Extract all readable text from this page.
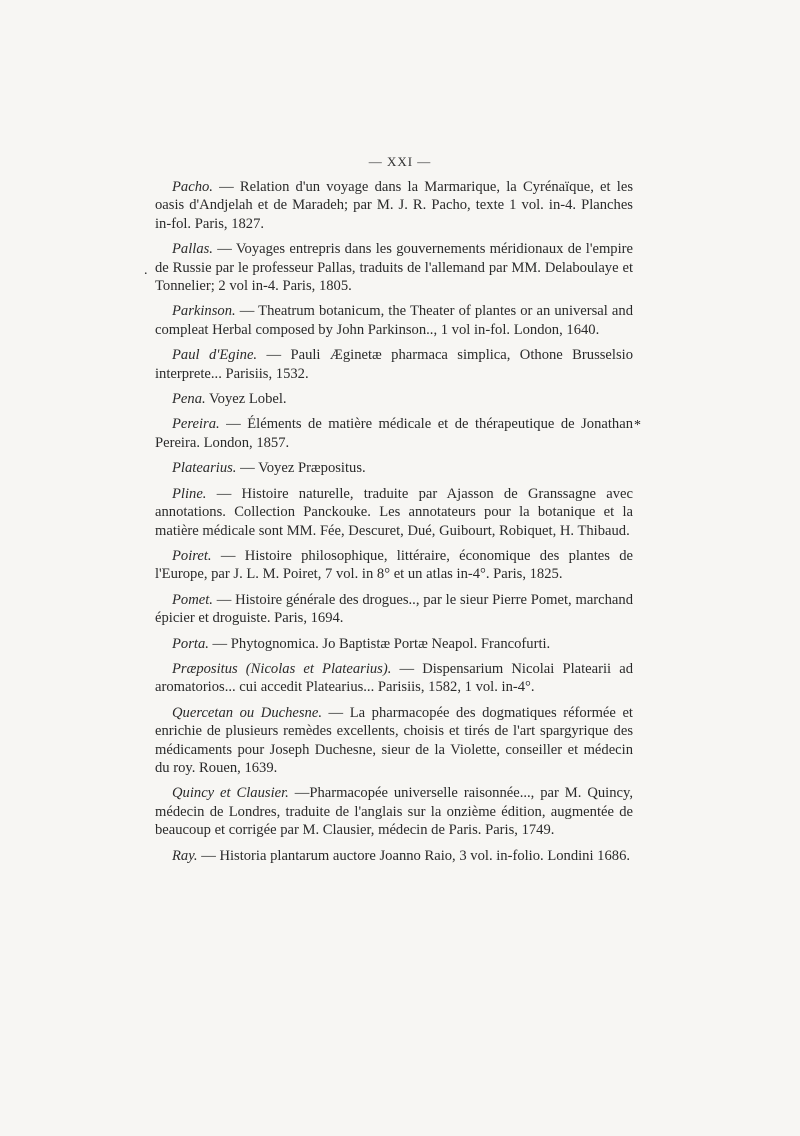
— XXI —
.
*

Pacho. — Relation d'un voyage dans la Marmarique, la Cyrénaïque, et les oasis d'Andjelah et de Maradeh; par M. J. R. Pacho, texte 1 vol. in-4. Planches in-fol. Paris, 1827.

Pallas. — Voyages entrepris dans les gouvernements méridionaux de l'empire de Russie par le professeur Pallas, traduits de l'allemand par MM. Delaboulaye et Tonnelier; 2 vol in-4. Paris, 1805.

Parkinson. — Theatrum botanicum, the Theater of plantes or an universal and compleat Herbal composed by John Parkinson.., 1 vol in-fol. London, 1640.

Paul d'Egine. — Pauli Æginetæ pharmaca simplica, Othone Brusselsio interprete... Parisiis, 1532.

Pena. Voyez Lobel.

Pereira. — Éléments de matière médicale et de thérapeutique de Jonathan Pereira. London, 1857.

Platearius. — Voyez Præpositus.

Pline. — Histoire naturelle, traduite par Ajasson de Granssagne avec annotations. Collection Panckouke. Les annotateurs pour la botanique et la matière médicale sont MM. Fée, Descuret, Dué, Guibourt, Robiquet, H. Thibaud.

Poiret. — Histoire philosophique, littéraire, économique des plantes de l'Europe, par J. L. M. Poiret, 7 vol. in 8° et un atlas in-4°. Paris, 1825.

Pomet. — Histoire générale des drogues.., par le sieur Pierre Pomet, marchand épicier et droguiste. Paris, 1694.

Porta. — Phytognomica. Jo Baptistæ Portæ Neapol. Francofurti.

Præpositus (Nicolas et Platearius). — Dispensarium Nicolai Platearii ad aromatorios... cui accedit Platearius... Parisiis, 1582, 1 vol. in-4°.

Quercetan ou Duchesne. — La pharmacopée des dogmatiques réformée et enrichie de plusieurs remèdes excellents, choisis et tirés de l'art spargyrique des médicaments pour Joseph Duchesne, sieur de la Violette, conseiller et médecin du roy. Rouen, 1639.

Quincy et Clausier. —Pharmacopée universelle raisonnée..., par M. Quincy, médecin de Londres, traduite de l'anglais sur la onzième édition, augmentée de beaucoup et corrigée par M. Clausier, médecin de Paris. Paris, 1749.

Ray. — Historia plantarum auctore Joanno Raio, 3 vol. in-folio. Londini 1686.
